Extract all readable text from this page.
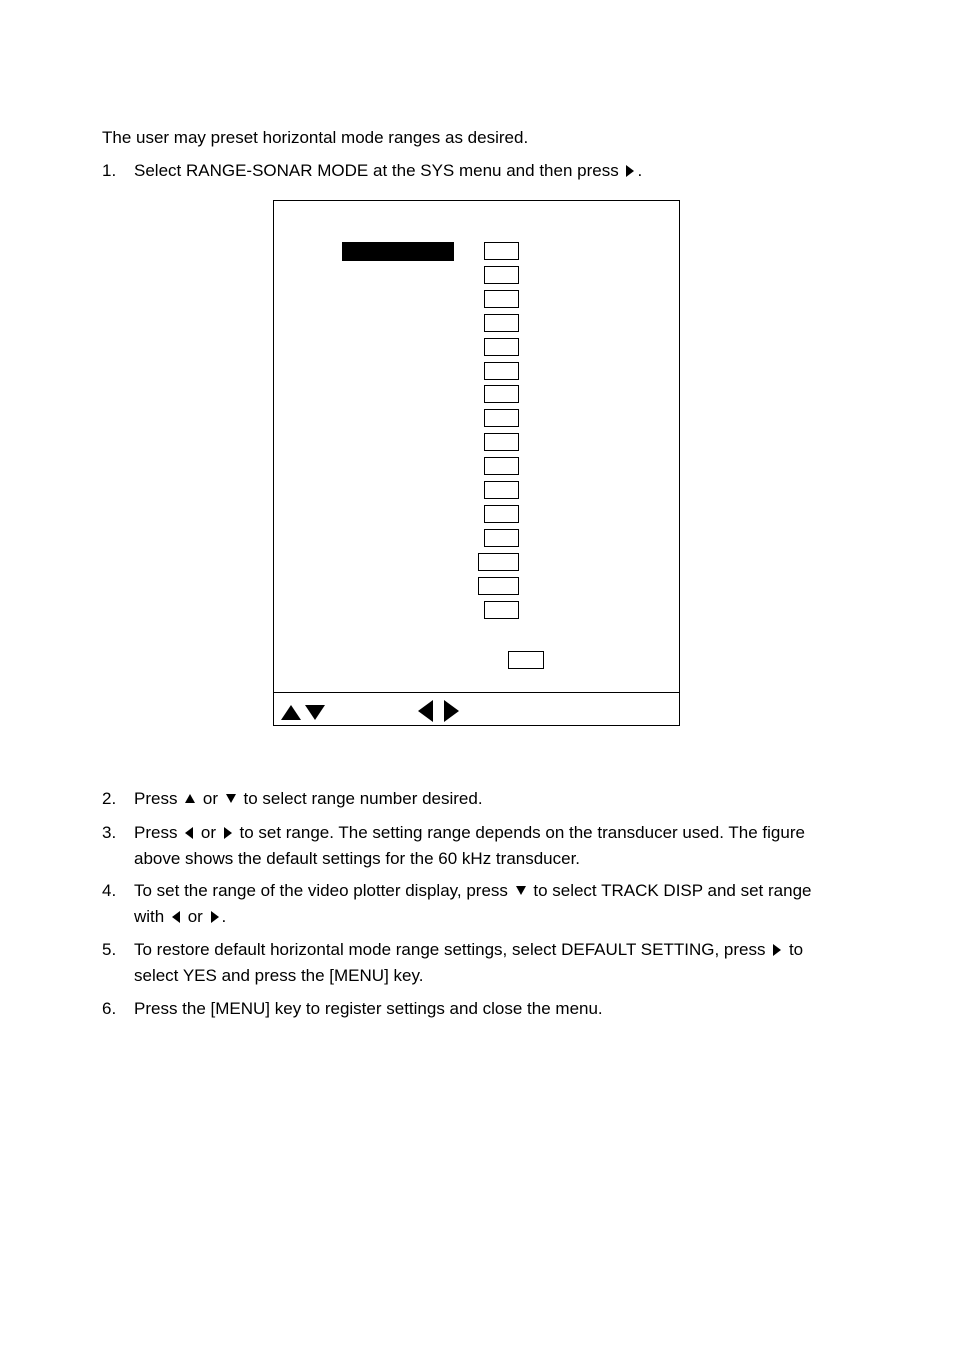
The user may preset horizontal mode ranges as desired.
1. Select RANGE-SONAR MODE at the SYS menu and then press .
2. Press  or  to select range number desired.
3. Press  or  to set range. The setting range depends on the transducer used. The figure
above shows the default settings for the 60 kHz transducer.
4. To set the range of the video plotter display, press  to select TRACK DISP and set range
with  or .
5. To restore default horizontal mode range settings, select DEFAULT SETTING, press  to
select YES and press the [MENU] key.
6. Press the [MENU] key to register settings and close the menu.
